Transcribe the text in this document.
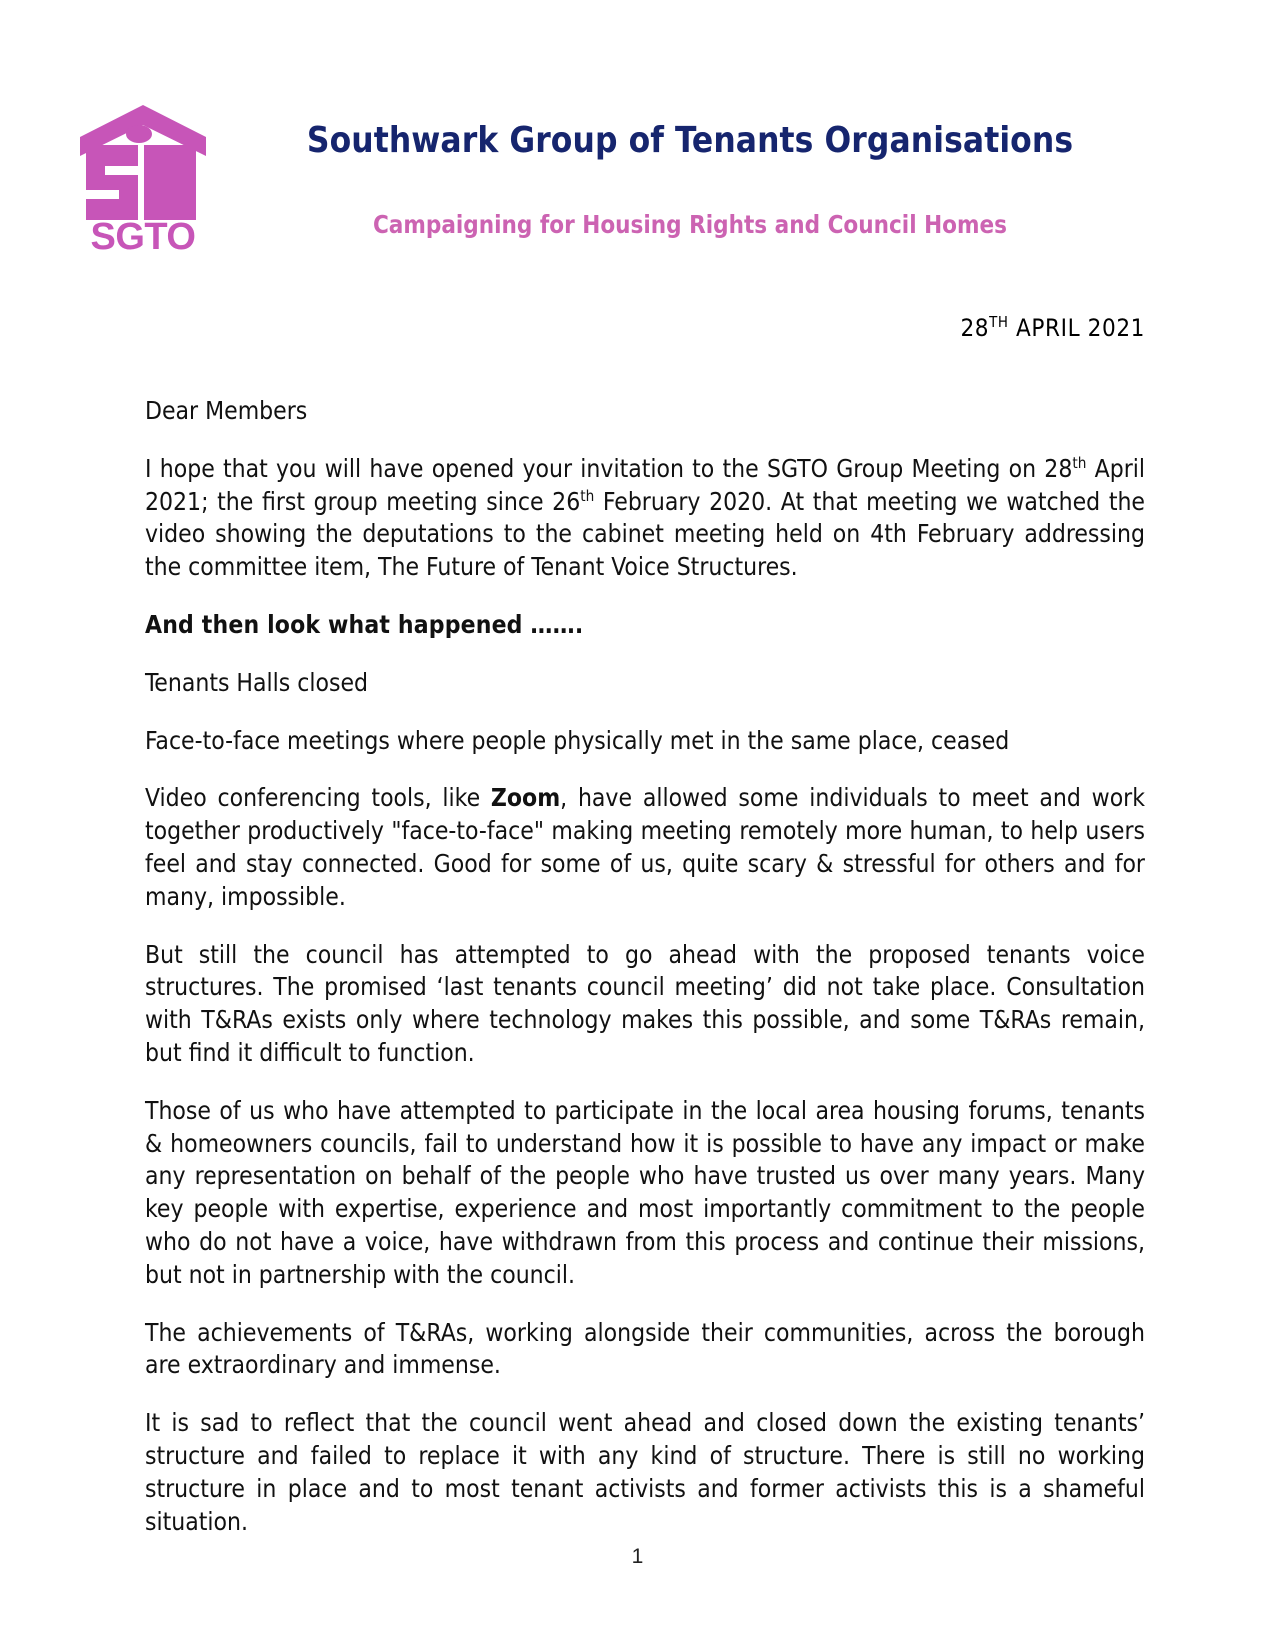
SGTO
Southwark Group of Tenants Organisations
Campaigning for Housing Rights and Council Homes
28TH APRIL 2021

Dear Members

I hope that you will have opened your invitation to the SGTO Group Meeting on 28th April 2021; the first group meeting since 26th February 2020. At that meeting we watched the video showing the deputations to the cabinet meeting held on 4th February addressing the committee item, The Future of Tenant Voice Structures.

And then look what happened …….

Tenants Halls closed

Face-to-face meetings where people physically met in the same place, ceased

Video conferencing tools, like Zoom, have allowed some individuals to meet and work together productively "face-to-face" making meeting remotely more human, to help users feel and stay connected. Good for some of us, quite scary & stressful for others and for many, impossible.

But still the council has attempted to go ahead with the proposed tenants voice structures. The promised ‘last tenants council meeting’ did not take place. Consultation with T&RAs exists only where technology makes this possible, and some T&RAs remain, but find it difficult to function.

Those of us who have attempted to participate in the local area housing forums, tenants & homeowners councils, fail to understand how it is possible to have any impact or make any representation on behalf of the people who have trusted us over many years. Many key people with expertise, experience and most importantly commitment to the people who do not have a voice, have withdrawn from this process and continue their missions, but not in partnership with the council.

The achievements of T&RAs, working alongside their communities, across the borough are extraordinary and immense.

It is sad to reflect that the council went ahead and closed down the existing tenants’ structure and failed to replace it with any kind of structure. There is still no working structure in place and to most tenant activists and former activists this is a shameful situation.

1
